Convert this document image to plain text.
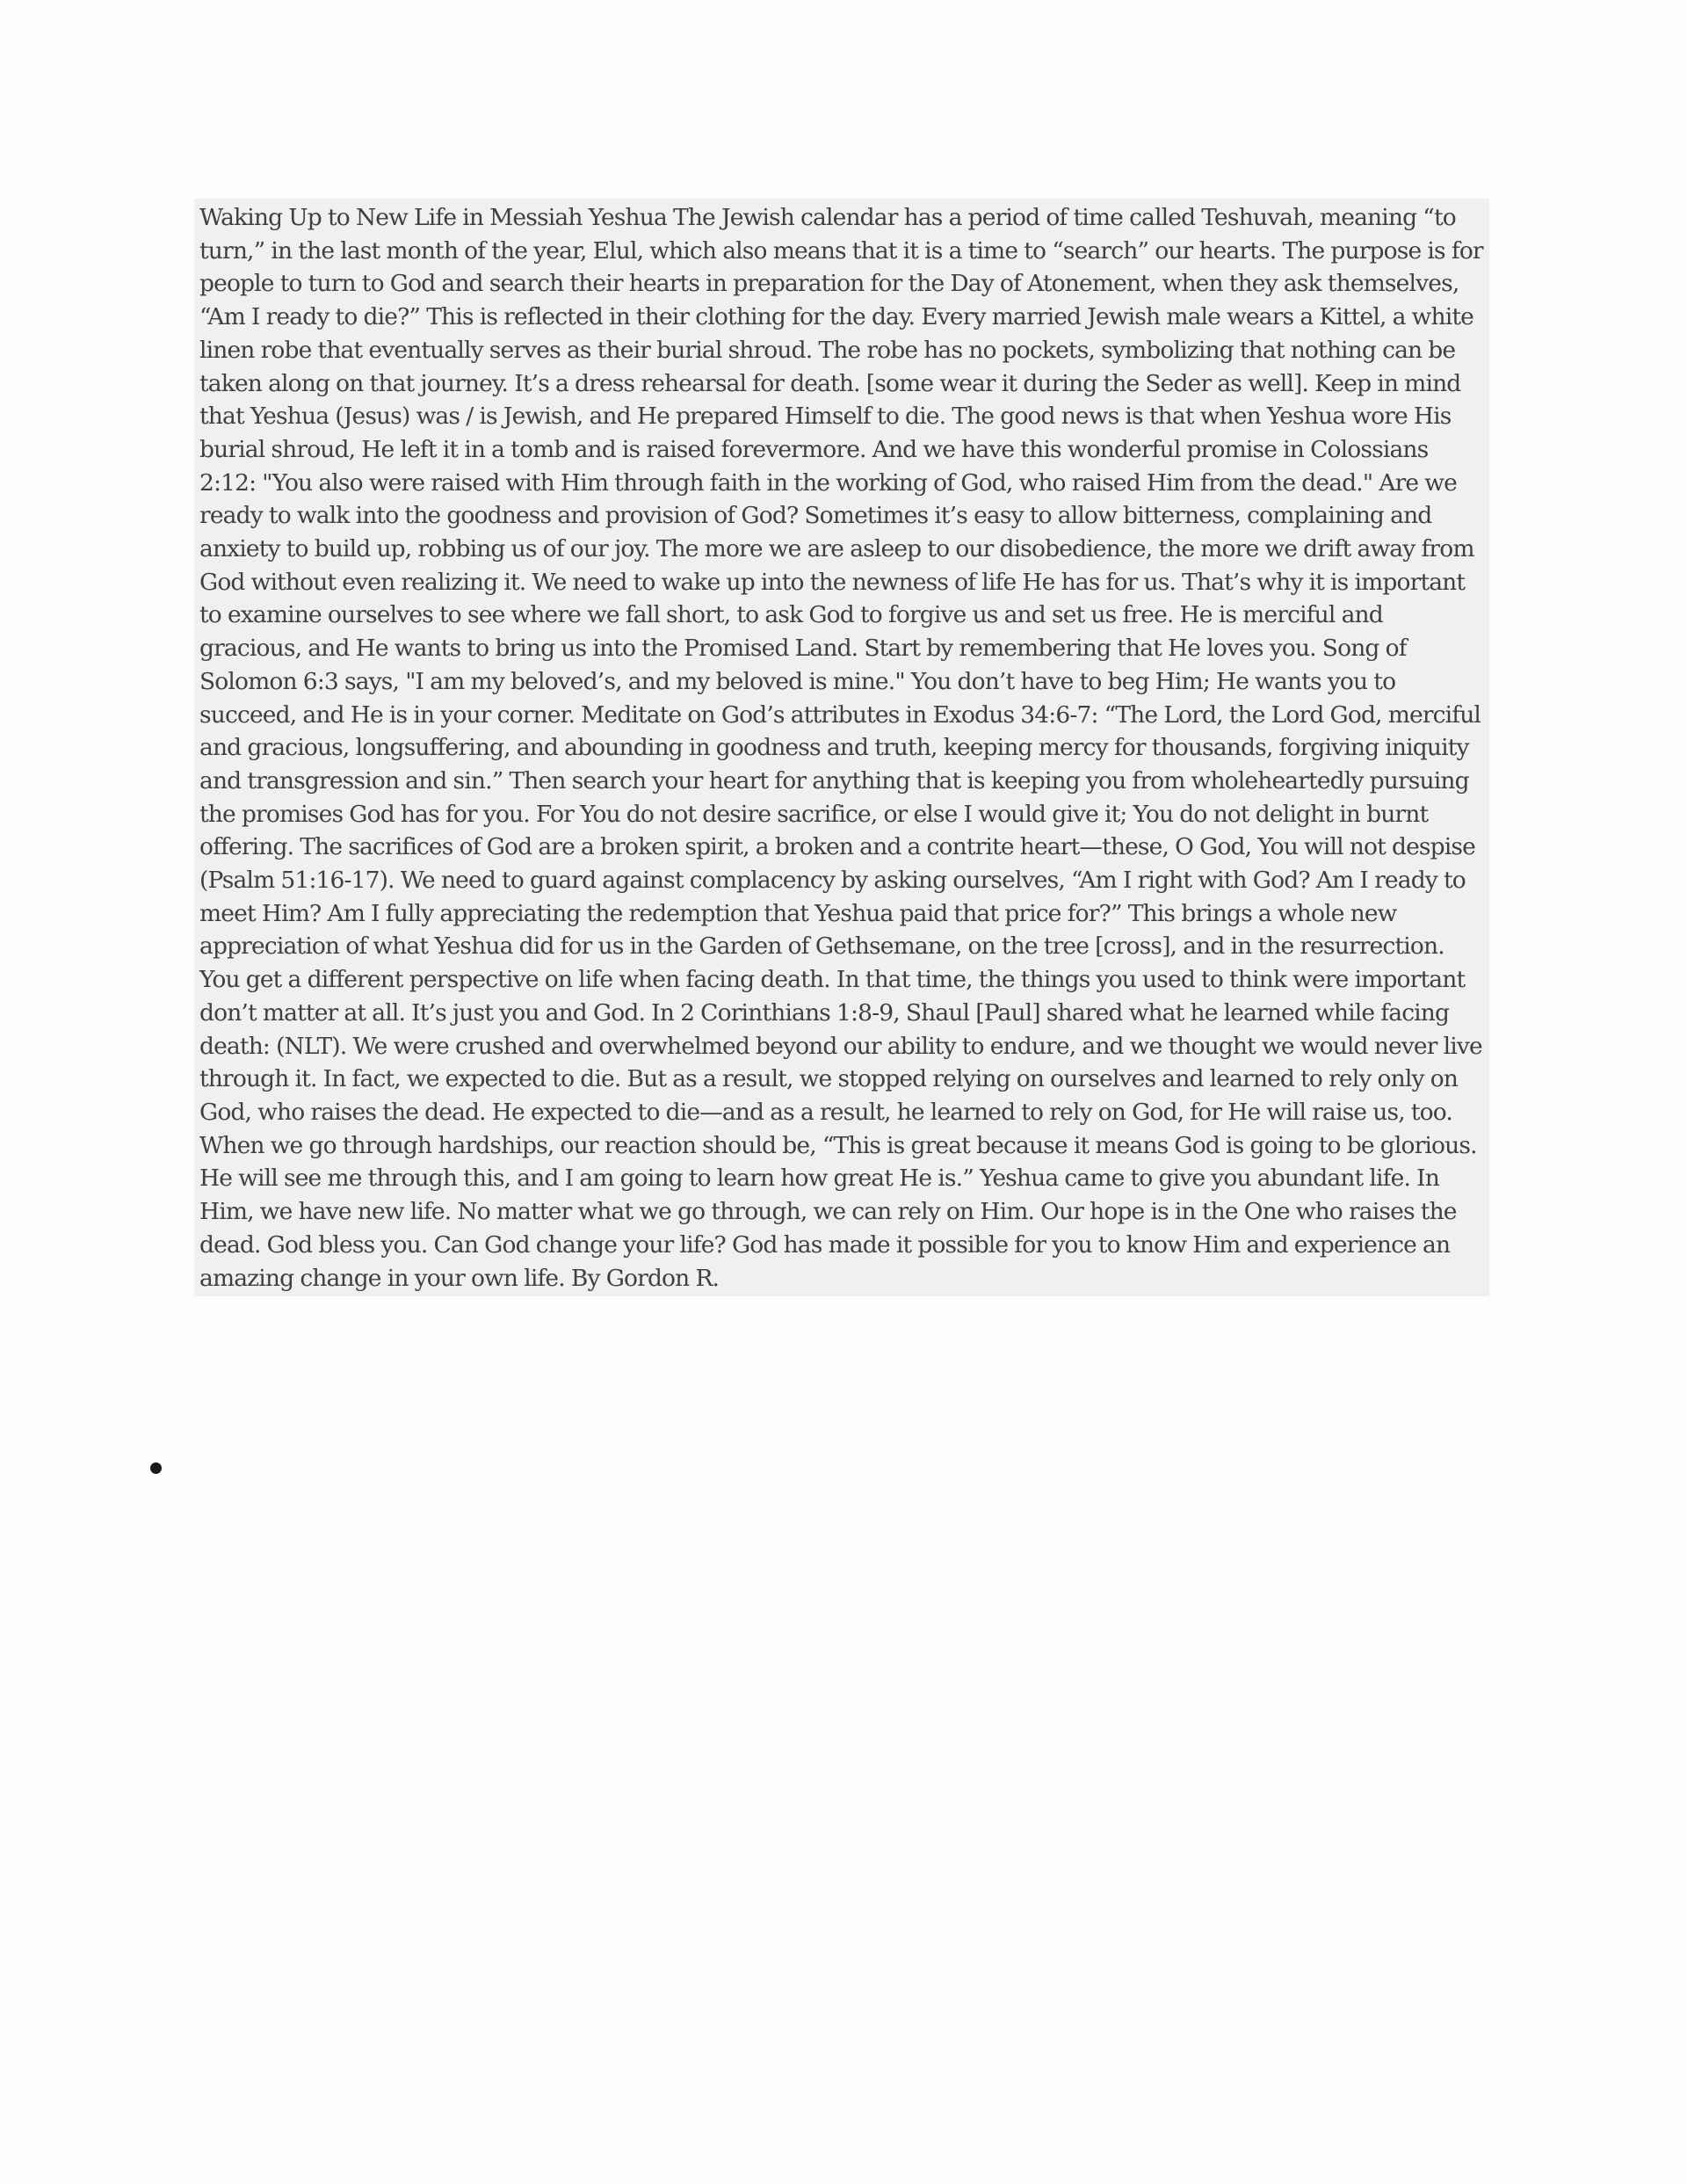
Waking Up to New Life in Messiah Yeshua The Jewish calendar has a period of time called Teshuvah, meaning “to turn,” in the last month of the year, Elul, which also means that it is a time to “search” our hearts. The purpose is for people to turn to God and search their hearts in preparation for the Day of Atonement, when they ask themselves, “Am I ready to die?” This is reflected in their clothing for the day. Every married Jewish male wears a Kittel, a white linen robe that eventually serves as their burial shroud. The robe has no pockets, symbolizing that nothing can be taken along on that journey. It’s a dress rehearsal for death. [some wear it during the Seder as well]. Keep in mind that Yeshua (Jesus) was / is Jewish, and He prepared Himself to die. The good news is that when Yeshua wore His burial shroud, He left it in a tomb and is raised forevermore. And we have this wonderful promise in Colossians 2:12: "You also were raised with Him through faith in the working of God, who raised Him from the dead." Are we ready to walk into the goodness and provision of God? Sometimes it’s easy to allow bitterness, complaining and anxiety to build up, robbing us of our joy. The more we are asleep to our disobedience, the more we drift away from God without even realizing it. We need to wake up into the newness of life He has for us. That’s why it is important to examine ourselves to see where we fall short, to ask God to forgive us and set us free. He is merciful and gracious, and He wants to bring us into the Promised Land. Start by remembering that He loves you. Song of Solomon 6:3 says, "I am my beloved’s, and my beloved is mine." You don’t have to beg Him; He wants you to succeed, and He is in your corner. Meditate on God’s attributes in Exodus 34:6-7: “The Lord, the Lord God, merciful and gracious, longsuffering, and abounding in goodness and truth, keeping mercy for thousands, forgiving iniquity and transgression and sin.” Then search your heart for anything that is keeping you from wholeheartedly pursuing the promises God has for you. For You do not desire sacrifice, or else I would give it; You do not delight in burnt offering. The sacrifices of God are a broken spirit, a broken and a contrite heart—these, O God, You will not despise (Psalm 51:16-17). We need to guard against complacency by asking ourselves, “Am I right with God? Am I ready to meet Him? Am I fully appreciating the redemption that Yeshua paid that price for?” This brings a whole new appreciation of what Yeshua did for us in the Garden of Gethsemane, on the tree [cross], and in the resurrection. You get a different perspective on life when facing death. In that time, the things you used to think were important don’t matter at all. It’s just you and God. In 2 Corinthians 1:8-9, Shaul [Paul] shared what he learned while facing death: (NLT). We were crushed and overwhelmed beyond our ability to endure, and we thought we would never live through it. In fact, we expected to die. But as a result, we stopped relying on ourselves and learned to rely only on God, who raises the dead. He expected to die—and as a result, he learned to rely on God, for He will raise us, too. When we go through hardships, our reaction should be, “This is great because it means God is going to be glorious. He will see me through this, and I am going to learn how great He is.” Yeshua came to give you abundant life. In Him, we have new life. No matter what we go through, we can rely on Him. Our hope is in the One who raises the dead. God bless you. Can God change your life? God has made it possible for you to know Him and experience an amazing change in your own life. By Gordon R.
